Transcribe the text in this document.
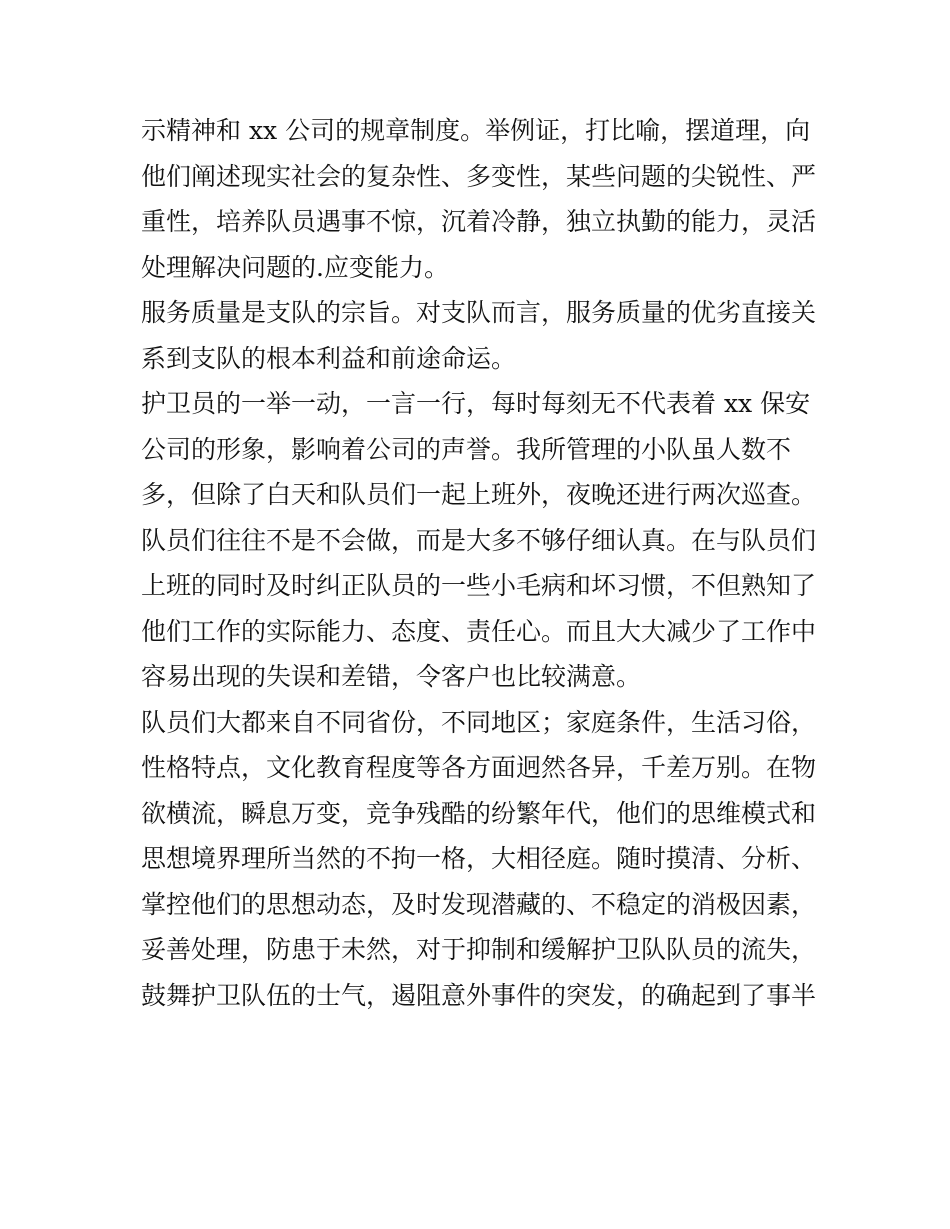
示精神和 xx 公司的规章制度。举例证，打比喻，摆道理，向
他们阐述现实社会的复杂性、多变性，某些问题的尖锐性、严
重性，培养队员遇事不惊，沉着冷静，独立执勤的能力，灵活
处理解决问题的.应变能力。
服务质量是支队的宗旨。对支队而言，服务质量的优劣直接关
系到支队的根本利益和前途命运。
护卫员的一举一动，一言一行，每时每刻无不代表着 xx 保安
公司的形象，影响着公司的声誉。我所管理的小队虽人数不
多，但除了白天和队员们一起上班外，夜晚还进行两次巡查。
队员们往往不是不会做，而是大多不够仔细认真。在与队员们
上班的同时及时纠正队员的一些小毛病和坏习惯，不但熟知了
他们工作的实际能力、态度、责任心。而且大大减少了工作中
容易出现的失误和差错，令客户也比较满意。
队员们大都来自不同省份，不同地区；家庭条件，生活习俗，
性格特点，文化教育程度等各方面迥然各异，千差万别。在物
欲横流，瞬息万变，竞争残酷的纷繁年代，他们的思维模式和
思想境界理所当然的不拘一格，大相径庭。随时摸清、分析、
掌控他们的思想动态，及时发现潜藏的、不稳定的消极因素，
妥善处理，防患于未然，对于抑制和缓解护卫队队员的流失，
鼓舞护卫队伍的士气，遏阻意外事件的突发，的确起到了事半
